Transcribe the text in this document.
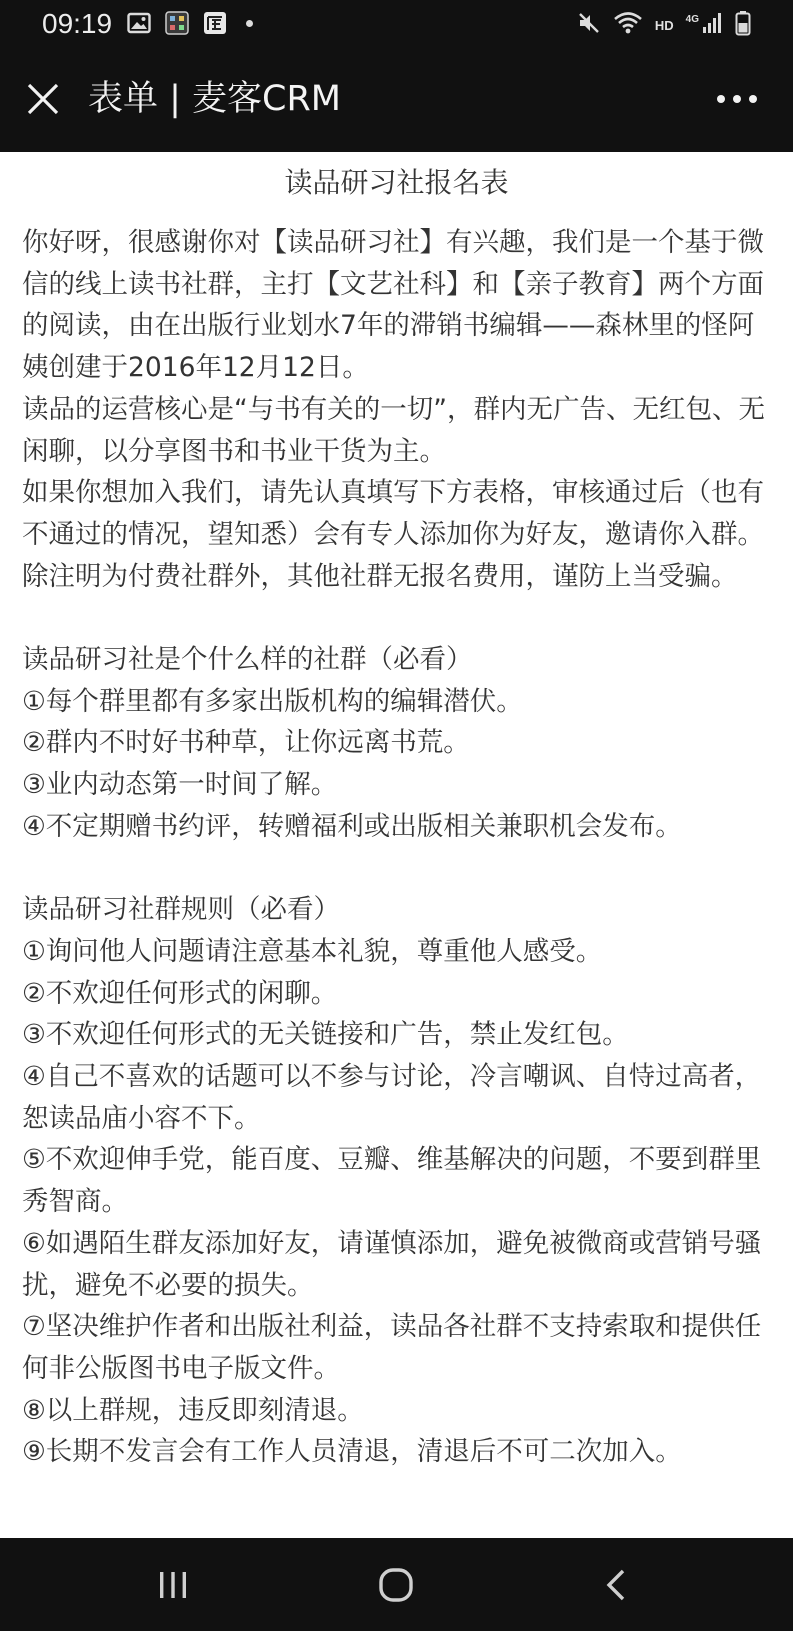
09:19	HD 4G
表单 | 麦客CRM
读品研习社报名表

你好呀，很感谢你对【读品研习社】有兴趣，我们是一个基于微信的线上读书社群，主打【文艺社科】和【亲子教育】两个方面的阅读，由在出版行业划水7年的滞销书编辑——森林里的怪阿姨创建于2016年12月12日。

读品的运营核心是“与书有关的一切”，群内无广告、无红包、无闲聊，以分享图书和书业干货为主。

如果你想加入我们，请先认真填写下方表格，审核通过后（也有不通过的情况，望知悉）会有专人添加你为好友，邀请你入群。除注明为付费社群外，其他社群无报名费用，谨防上当受骗。

读品研习社是个什么样的社群（必看）

①每个群里都有多家出版机构的编辑潜伏。

②群内不时好书种草，让你远离书荒。

③业内动态第一时间了解。

④不定期赠书约评，转赠福利或出版相关兼职机会发布。

读品研习社群规则（必看）

①询问他人问题请注意基本礼貌，尊重他人感受。

②不欢迎任何形式的闲聊。

③不欢迎任何形式的无关链接和广告，禁止发红包。

④自己不喜欢的话题可以不参与讨论，冷言嘲讽、自恃过高者，恕读品庙小容不下。

⑤不欢迎伸手党，能百度、豆瓣、维基解决的问题，不要到群里秀智商。

⑥如遇陌生群友添加好友，请谨慎添加，避免被微商或营销号骚扰，避免不必要的损失。

⑦坚决维护作者和出版社利益，读品各社群不支持索取和提供任何非公版图书电子版文件。

⑧以上群规，违反即刻清退。

⑨长期不发言会有工作人员清退，清退后不可二次加入。
